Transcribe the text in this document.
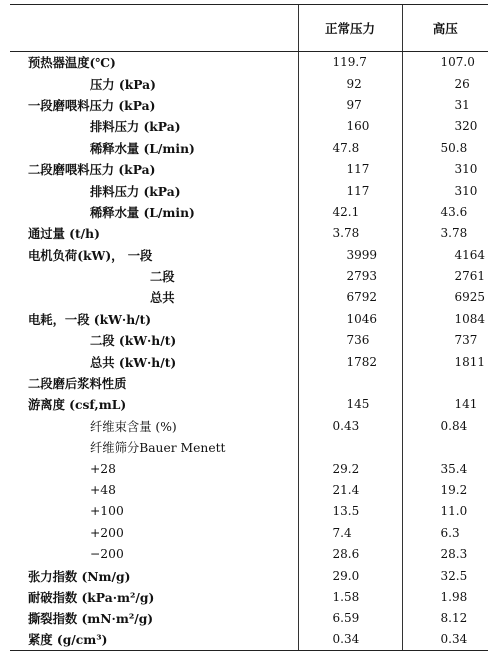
	正常压力	高压
预热器温度(℃)	119.7	107.0
压力 (kPa)	92	26
一段磨喂料压力 (kPa)	97	31
排料压力 (kPa)	160	320
稀释水量 (L/min)	47.8	50.8
二段磨喂料压力 (kPa)	117	310
排料压力 (kPa)	117	310
稀释水量 (L/min)	42.1	43.6
通过量 (t/h)	3.78	3.78
电机负荷(kW)， 一段	3999	4164
二段	2793	2761
总共	6792	6925
电耗，一段 (kW·h/t)	1046	1084
二段 (kW·h/t)	736	737
总共 (kW·h/t)	1782	1811
二段磨后浆料性质		
游离度 (csf,mL)	145	141
纤维束含量 (%)	0.43	0.84
纤维筛分Bauer Menett		
+28	29.2	35.4
+48	21.4	19.2
+100	13.5	11.0
+200	7.4	6.3
−200	28.6	28.3
张力指数 (Nm/g)	29.0	32.5
耐破指数 (kPa·m²/g)	1.58	1.98
撕裂指数 (mN·m²/g)	6.59	8.12
紧度 (g/cm³)	0.34	0.34
